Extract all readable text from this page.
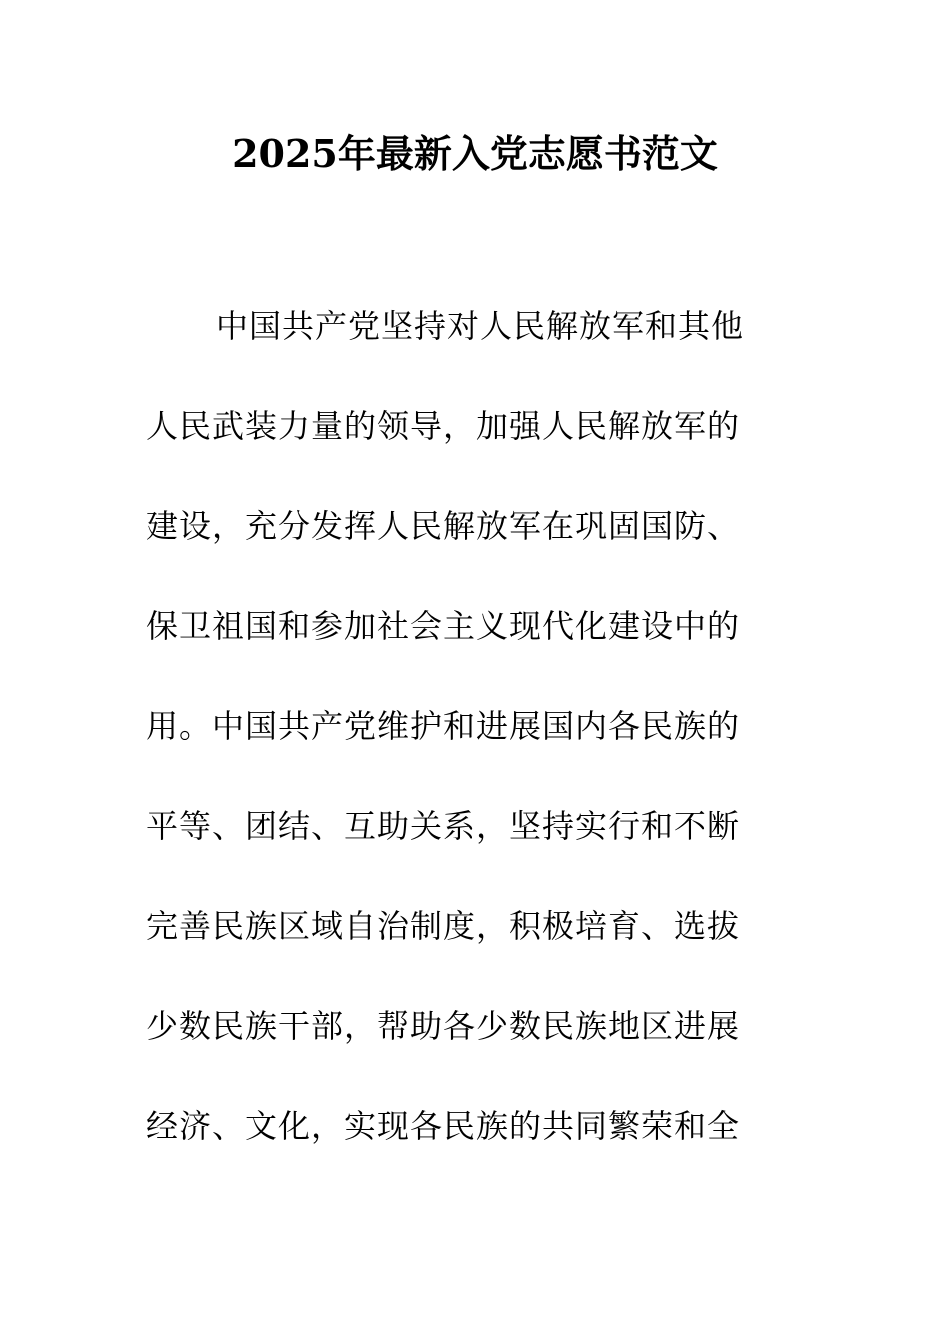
2025年最新入党志愿书范文
中国共产党坚持对人民解放军和其他
人民武装力量的领导，加强人民解放军的
建设，充分发挥人民解放军在巩固国防、
保卫祖国和参加社会主义现代化建设中的
用。中国共产党维护和进展国内各民族的
平等、团结、互助关系，坚持实行和不断
完善民族区域自治制度，积极培育、选拔
少数民族干部，帮助各少数民族地区进展
经济、文化，实现各民族的共同繁荣和全
